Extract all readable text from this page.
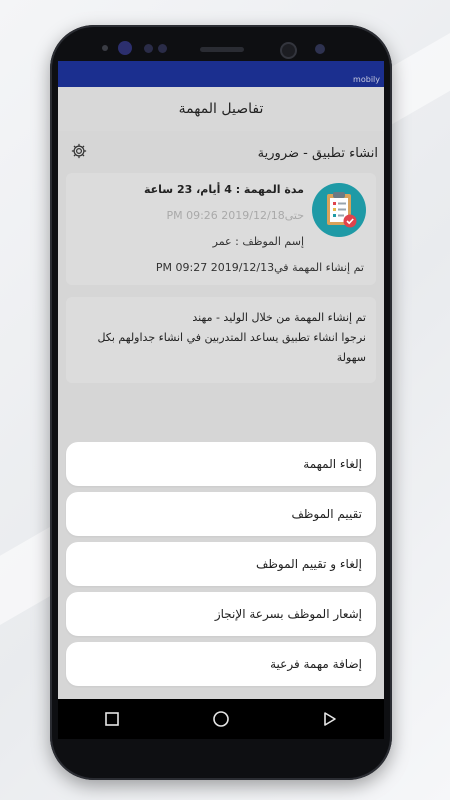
mobily
تفاصيل المهمة
انشاء تطبيق - ضرورية
مدة المهمة : 4 أيام، 23 ساعة
حتى2019/12/18 09:26 PM
إسم الموظف : عمر
تم إنشاء المهمة في2019/12/13 09:27 PM
تم إنشاء المهمة من خلال الوليد - مهند
نرجوا انشاء تطبيق يساعد المتدربين في انشاء جداولهم بكل
سهولة
إلغاء المهمة
تقييم الموظف
إلغاء و تقييم الموظف
إشعار الموظف بسرعة الإنجاز
إضافة مهمة فرعية
